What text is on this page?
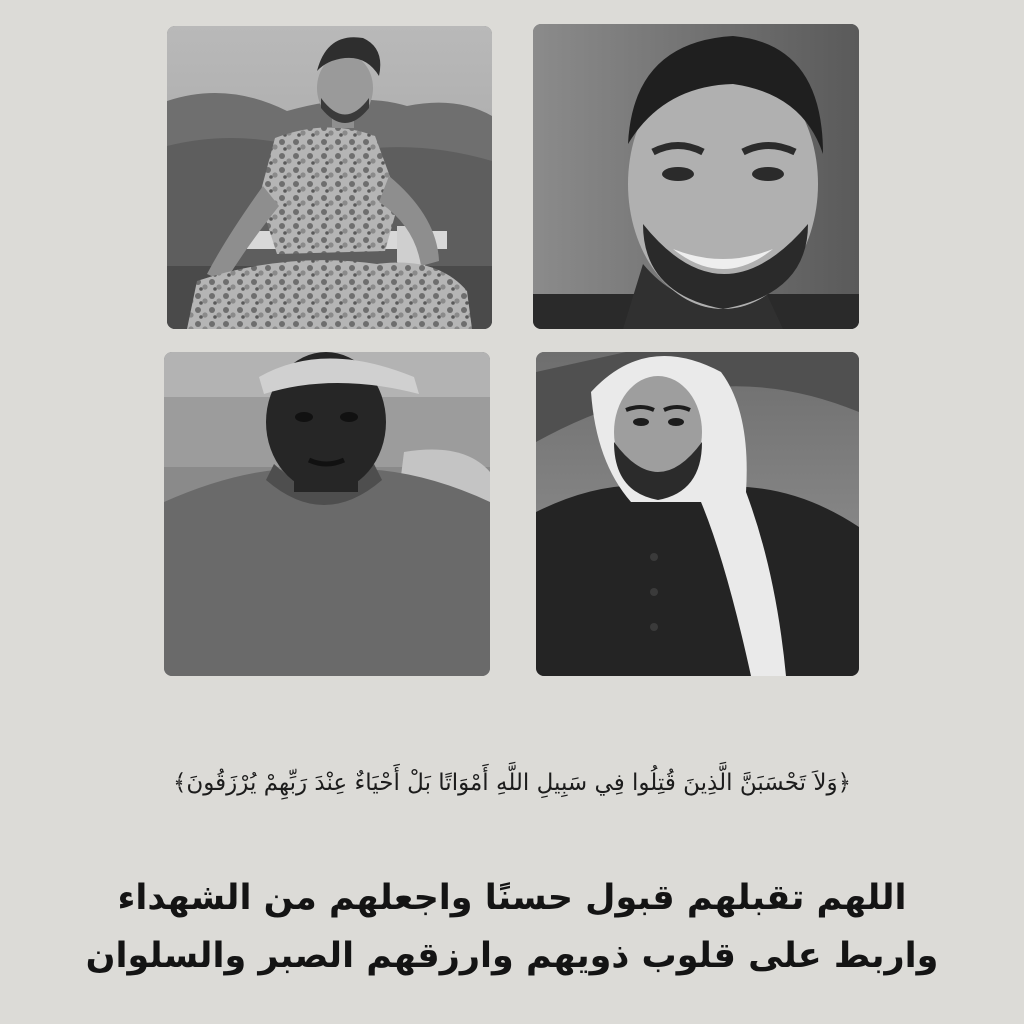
﴿وَلاَ تَحْسَبَنَّ الَّذِينَ قُتِلُوا فِي سَبِيلِ اللَّهِ أَمْوَاتًا بَلْ أَحْيَاءٌ عِنْدَ رَبِّهِمْ يُرْزَقُونَ﴾
اللهم تقبلهم قبول حسنًا واجعلهم من الشهداء
واربط على قلوب ذويهم وارزقهم الصبر والسلوان
